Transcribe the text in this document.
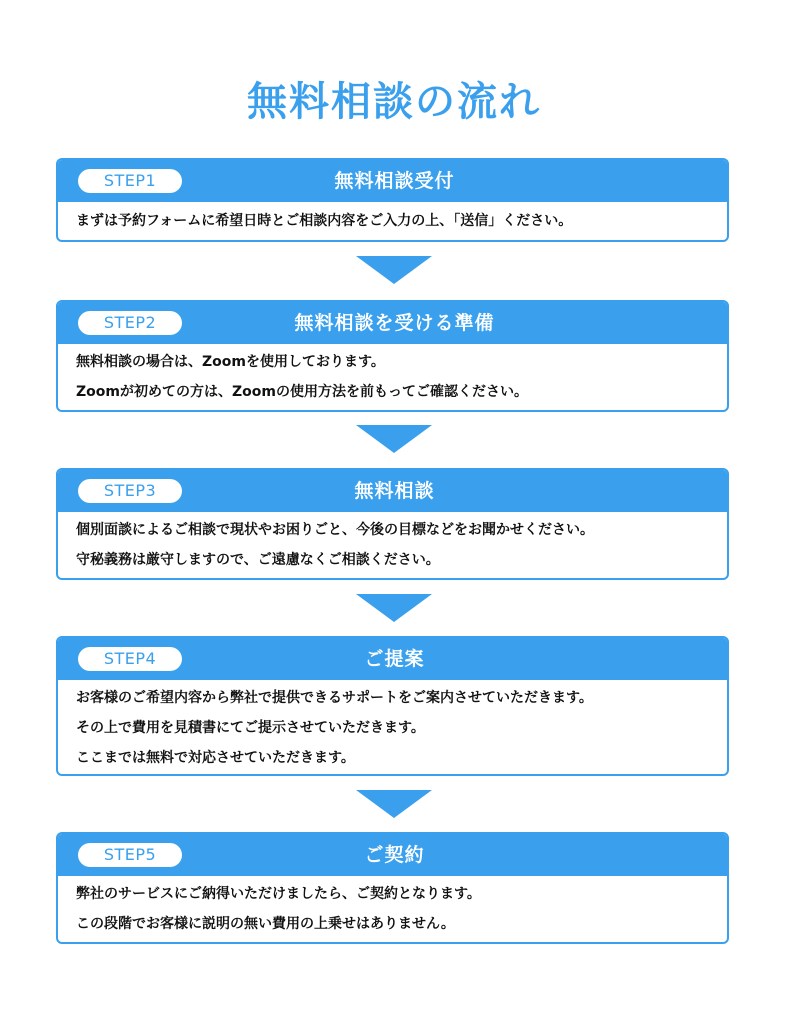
無料相談の流れ
STEP1	無料相談受付
まずは予約フォームに希望日時とご相談内容をご入力の上、「送信」ください。
STEP2	無料相談を受ける準備
無料相談の場合は、Zoomを使用しております。
Zoomが初めての方は、Zoomの使用方法を前もってご確認ください。
STEP3	無料相談
個別面談によるご相談で現状やお困りごと、今後の目標などをお聞かせください。
守秘義務は厳守しますので、ご遠慮なくご相談ください。
STEP4	ご提案
お客様のご希望内容から弊社で提供できるサポートをご案内させていただきます。
その上で費用を見積書にてご提示させていただきます。
ここまでは無料で対応させていただきます。
STEP5	ご契約
弊社のサービスにご納得いただけましたら、ご契約となります。
この段階でお客様に説明の無い費用の上乗せはありません。
